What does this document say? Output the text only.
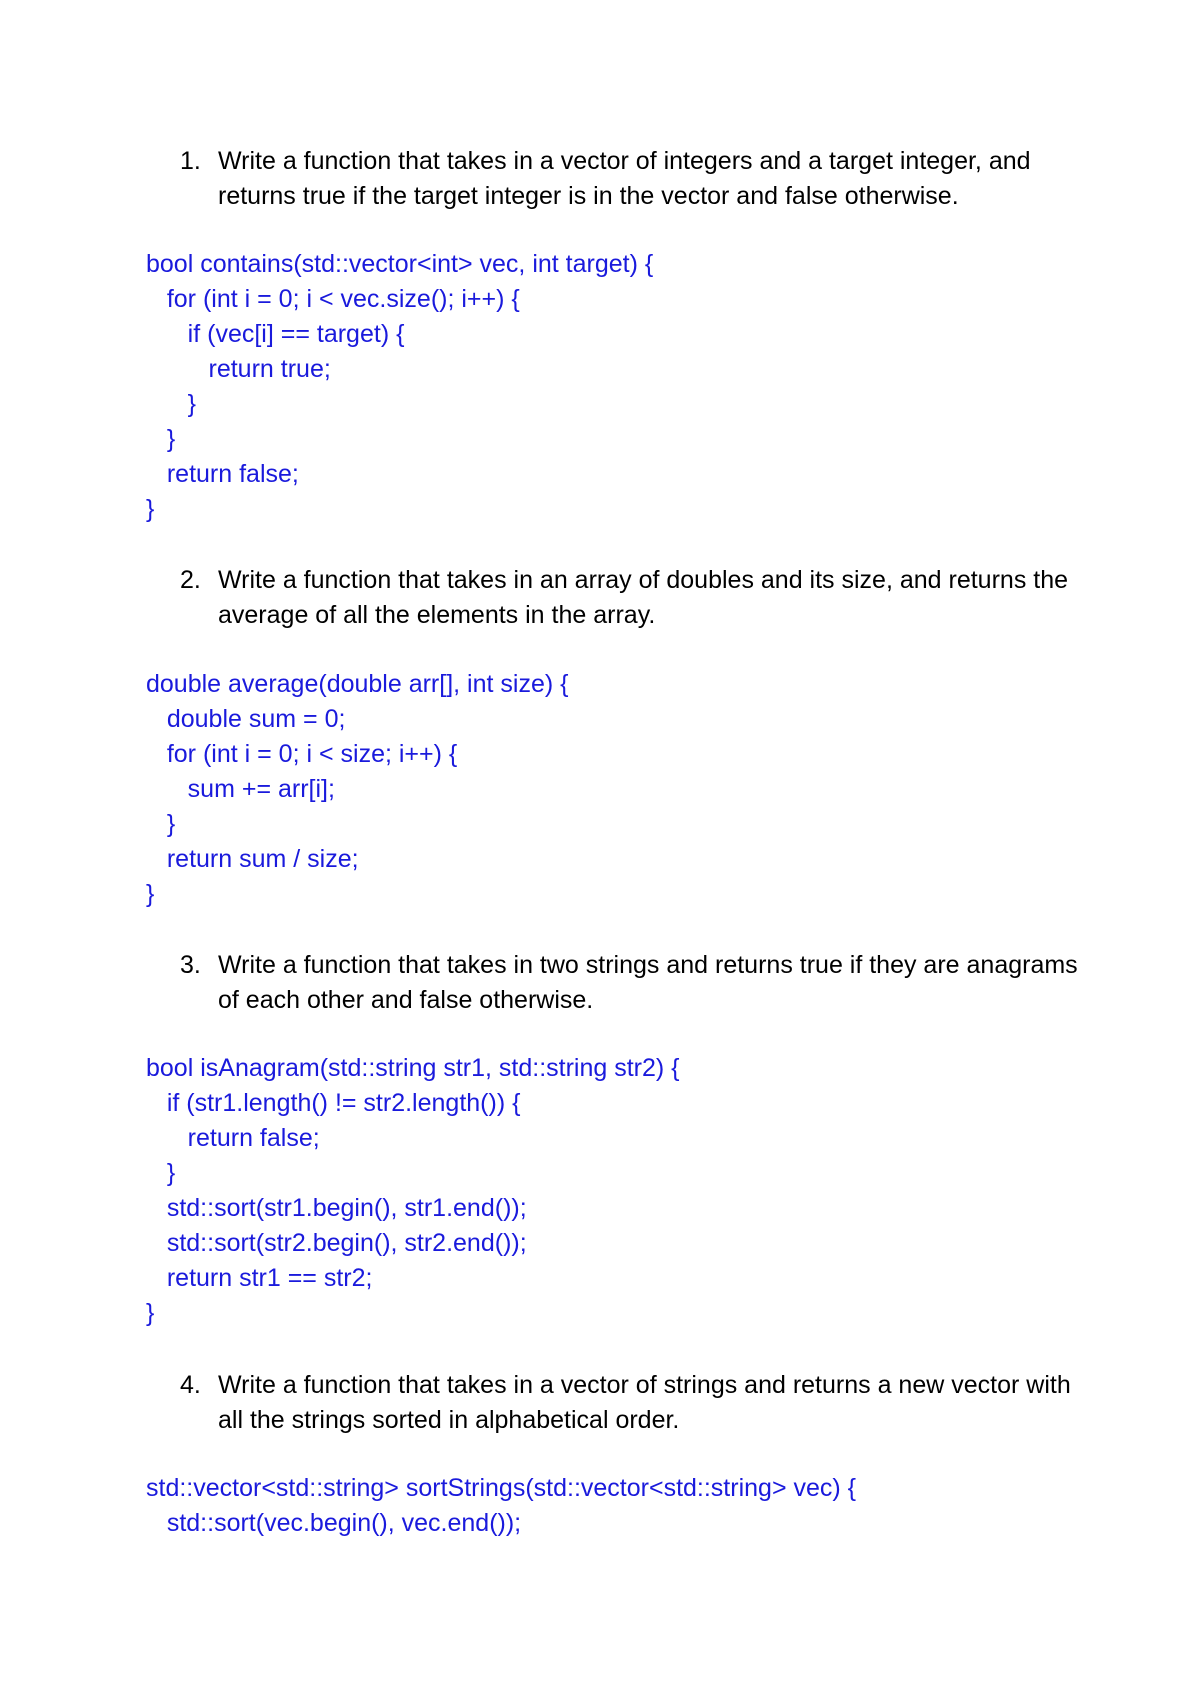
1. Write a function that takes in a vector of integers and a target integer, and returns true if the target integer is in the vector and false otherwise.
bool contains(std::vector<int> vec, int target) {
for (int i = 0; i < vec.size(); i++) {
if (vec[i] == target) {
return true;
}
}
return false;
}
2. Write a function that takes in an array of doubles and its size, and returns the average of all the elements in the array.
double average(double arr[], int size) {
double sum = 0;
for (int i = 0; i < size; i++) {
sum += arr[i];
}
return sum / size;
}
3. Write a function that takes in two strings and returns true if they are anagrams of each other and false otherwise.
bool isAnagram(std::string str1, std::string str2) {
if (str1.length() != str2.length()) {
return false;
}
std::sort(str1.begin(), str1.end());
std::sort(str2.begin(), str2.end());
return str1 == str2;
}
4. Write a function that takes in a vector of strings and returns a new vector with all the strings sorted in alphabetical order.
std::vector<std::string> sortStrings(std::vector<std::string> vec) {
std::sort(vec.begin(), vec.end());
